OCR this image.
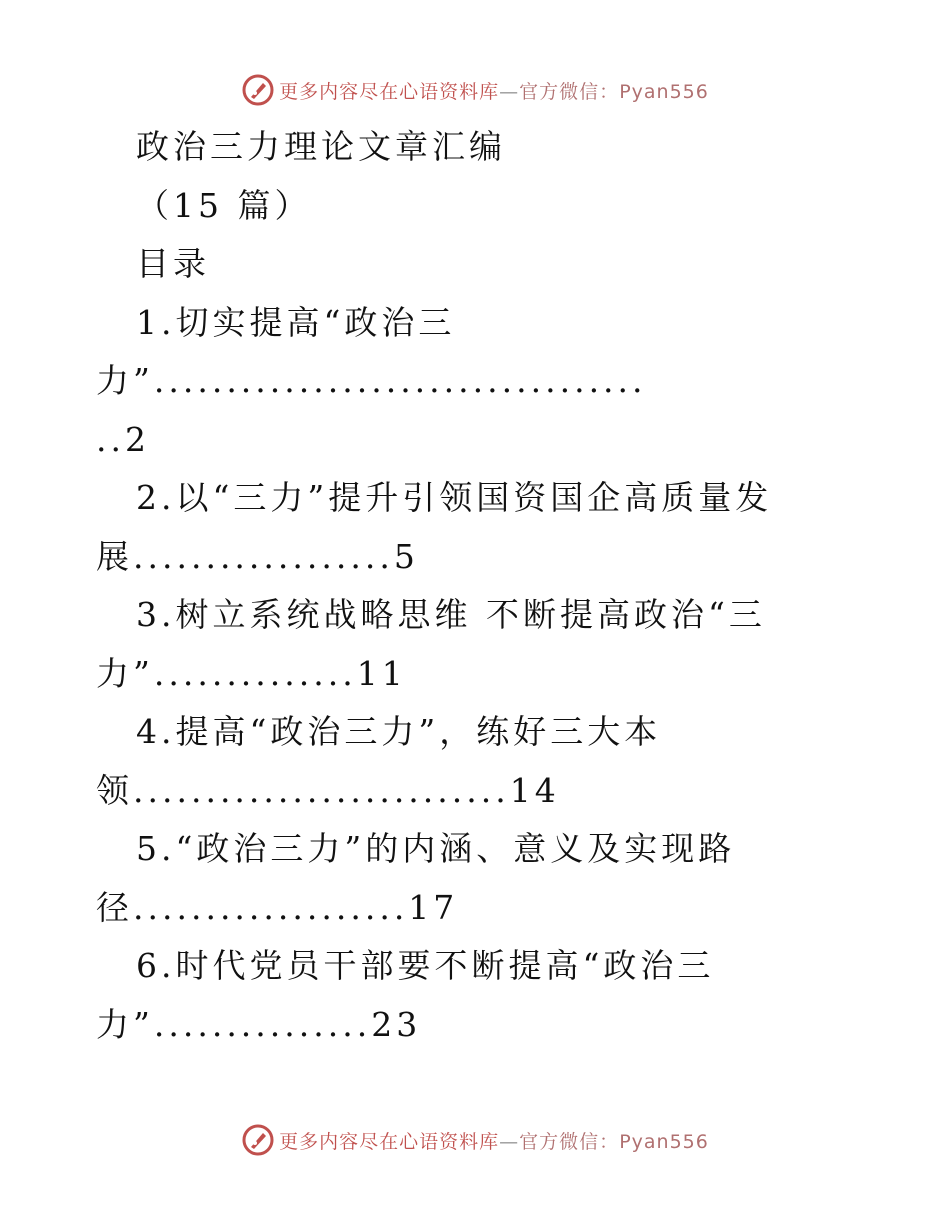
更多内容尽在心语资料库—官方微信：Pyan556
政治三力理论文章汇编
（15 篇）
目录
1.切实提高“政治三
力”..................................
..2
2.以“三力”提升引领国资国企高质量发
展..................5
3.树立系统战略思维 不断提高政治“三
力”..............11
4.提高“政治三力”，练好三大本
领..........................14
5.“政治三力”的内涵、意义及实现路
径...................17
6.时代党员干部要不断提高“政治三
力”...............23
更多内容尽在心语资料库—官方微信：Pyan556
